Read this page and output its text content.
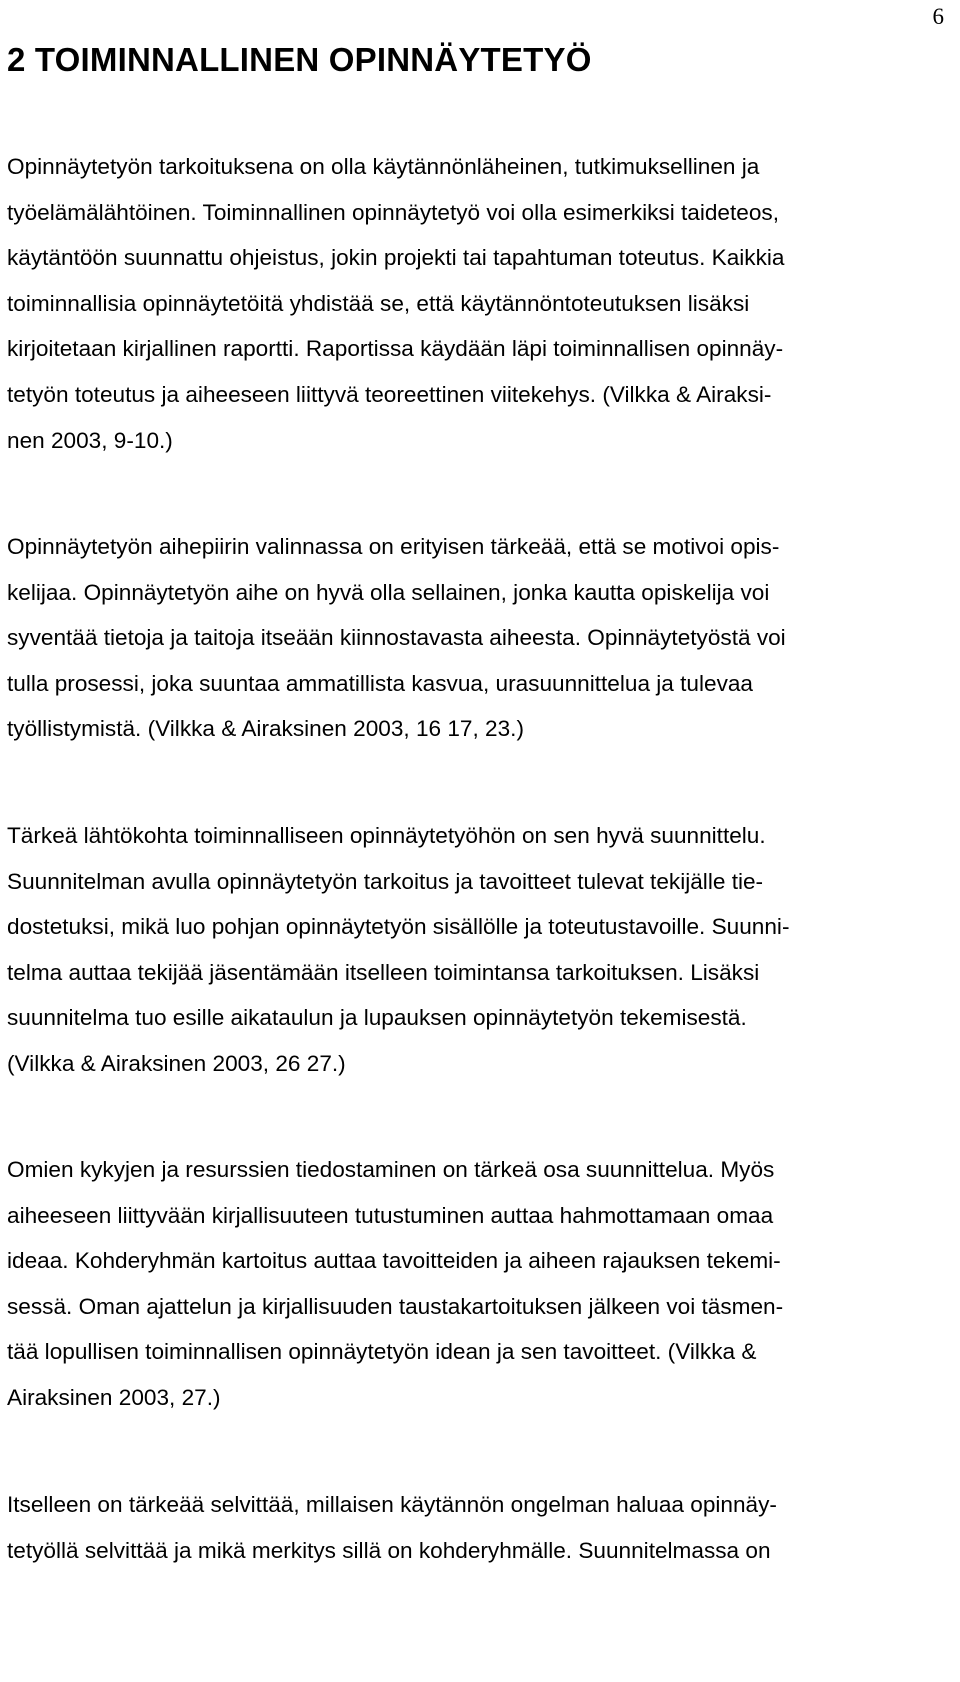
6
2 TOIMINNALLINEN OPINNÄYTETYÖ
Opinnäytetyön tarkoituksena on olla käytännönläheinen, tutkimuksellinen ja
työelämälähtöinen. Toiminnallinen opinnäytetyö voi olla esimerkiksi taideteos,
käytäntöön suunnattu ohjeistus, jokin projekti tai tapahtuman toteutus. Kaikkia
toiminnallisia opinnäytetöitä yhdistää se, että käytännöntoteutuksen lisäksi
kirjoitetaan kirjallinen raportti. Raportissa käydään läpi toiminnallisen opinnäy-
tetyön toteutus ja aiheeseen liittyvä teoreettinen viitekehys. (Vilkka & Airaksi-
nen 2003, 9-10.)
Opinnäytetyön aihepiirin valinnassa on erityisen tärkeää, että se motivoi opis-
kelijaa. Opinnäytetyön aihe on hyvä olla sellainen, jonka kautta opiskelija voi
syventää tietoja ja taitoja itseään kiinnostavasta aiheesta. Opinnäytetyöstä voi
tulla prosessi, joka suuntaa ammatillista kasvua, urasuunnittelua ja tulevaa
työllistymistä. (Vilkka & Airaksinen 2003, 16 17, 23.)
Tärkeä lähtökohta toiminnalliseen opinnäytetyöhön on sen hyvä suunnittelu.
Suunnitelman avulla opinnäytetyön tarkoitus ja tavoitteet tulevat tekijälle tie-
dostetuksi, mikä luo pohjan opinnäytetyön sisällölle ja toteutustavoille. Suunni-
telma auttaa tekijää jäsentämään itselleen toimintansa tarkoituksen. Lisäksi
suunnitelma tuo esille aikataulun ja lupauksen opinnäytetyön tekemisestä.
(Vilkka & Airaksinen 2003, 26 27.)
Omien kykyjen ja resurssien tiedostaminen on tärkeä osa suunnittelua. Myös
aiheeseen liittyvään kirjallisuuteen tutustuminen auttaa hahmottamaan omaa
ideaa. Kohderyhmän kartoitus auttaa tavoitteiden ja aiheen rajauksen tekemi-
sessä. Oman ajattelun ja kirjallisuuden taustakartoituksen jälkeen voi täsmen-
tää lopullisen toiminnallisen opinnäytetyön idean ja sen tavoitteet. (Vilkka &
Airaksinen 2003, 27.)
Itselleen on tärkeää selvittää, millaisen käytännön ongelman haluaa opinnäy-
tetyöllä selvittää ja mikä merkitys sillä on kohderyhmälle. Suunnitelmassa on
